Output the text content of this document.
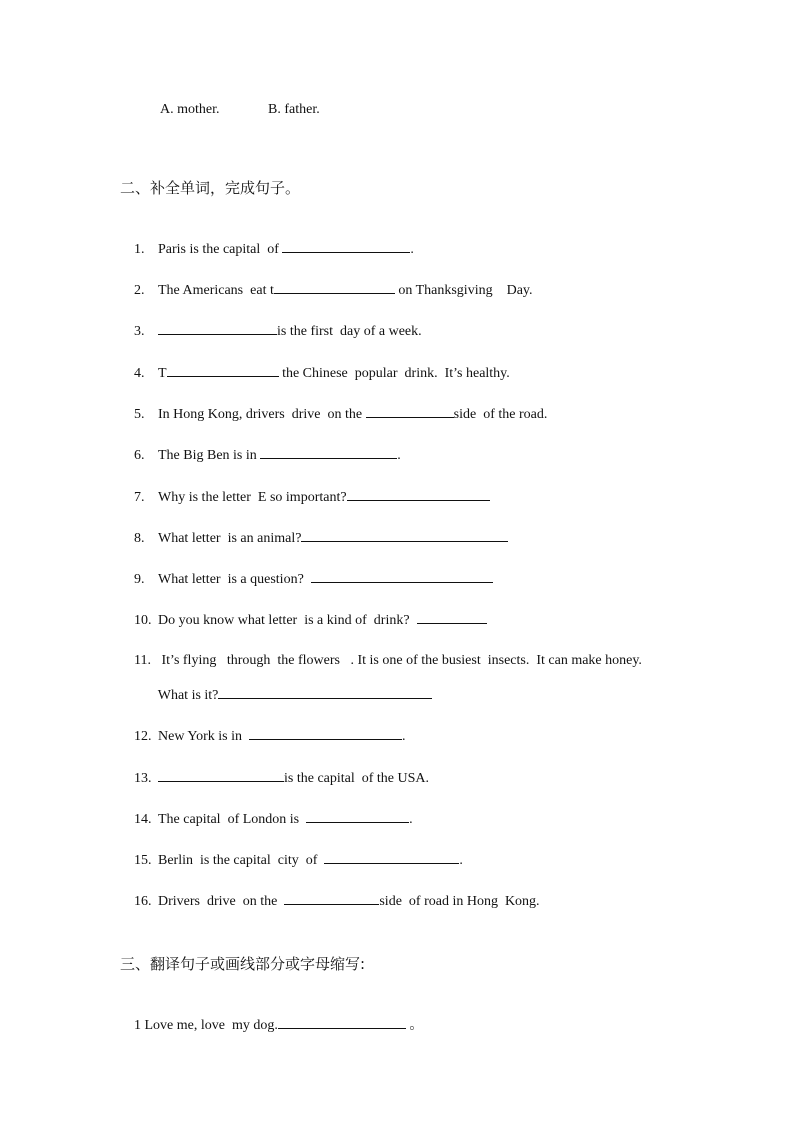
A. mother.	B. father.
二、补全单词，完成句子。

1. Paris is the capital  of	.

2. The Americans  eat t	on Thanksgiving    Day.

3.	is the first  day of a week.

4. T	the Chinese  popular  drink.  It’s healthy.

5. In Hong Kong, drivers  drive  on the	side  of the road.

6. The Big Ben is in	.

7. Why is the letter  E so important?

8. What letter  is an animal?

9. What letter  is a question?

10. Do you know what letter  is a kind of  drink?

11. It’s flying   through  the flowers   . It is one of the busiest  insects.  It can make honey.

What is it?

12. New York is in	.

13.	is the capital  of the USA.

14. The capital  of London is	.

15. Berlin  is the capital  city  of	.

16. Drivers  drive  on the	side  of road in Hong  Kong.

三、翻译句子或画线部分或字母缩写:

1 Love me, love  my dog.	。
